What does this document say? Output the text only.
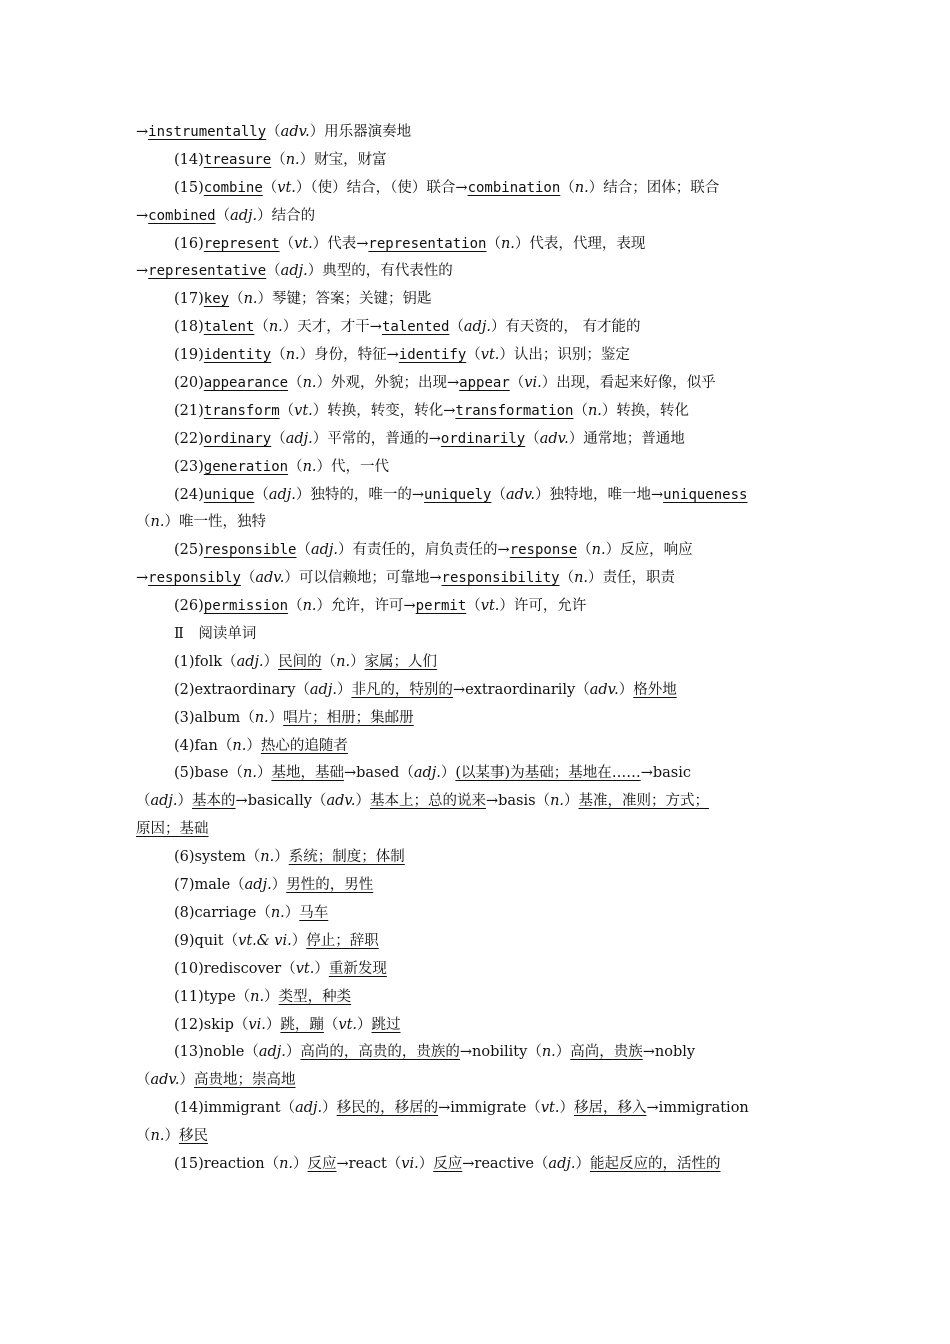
→instrumentally（adv.）用乐器演奏地
(14)treasure（n.）财宝，财富
(15)combine（vt.）（使）结合，（使）联合→combination（n.）结合；团体；联合
→combined（adj.）结合的
(16)represent（vt.）代表→representation（n.）代表，代理，表现
→representative（adj.）典型的，有代表性的
(17)key（n.）琴键；答案；关键；钥匙
(18)talent（n.）天才，才干→talented（adj.）有天资的， 有才能的
(19)identity（n.）身份，特征→identify（vt.）认出；识别；鉴定
(20)appearance（n.）外观，外貌；出现→appear（vi.）出现，看起来好像，似乎
(21)transform（vt.）转换，转变，转化→transformation（n.）转换，转化
(22)ordinary（adj.）平常的，普通的→ordinarily（adv.）通常地；普通地
(23)generation（n.）代，一代
(24)unique（adj.）独特的，唯一的→uniquely（adv.）独特地，唯一地→uniqueness
（n.）唯一性，独特
(25)responsible（adj.）有责任的，肩负责任的→response（n.）反应，响应
→responsibly（adv.）可以信赖地；可靠地→responsibility（n.）责任，职责
(26)permission（n.）允许，许可→permit（vt.）许可，允许
Ⅱ　阅读单词
(1)folk（adj.）民间的（n.）家属；人们
(2)extraordinary（adj.）非凡的，特别的→extraordinarily（adv.）格外地
(3)album（n.）唱片；相册；集邮册
(4)fan（n.）热心的追随者
(5)base（n.）基地，基础→based（adj.）(以某事)为基础；基地在……→basic
（adj.）基本的→basically（adv.）基本上；总的说来→basis（n.）基准，准则；方式；
原因；基础
(6)system（n.）系统；制度；体制
(7)male（adj.）男性的，男性
(8)carriage（n.）马车
(9)quit（vt.& vi.）停止；辞职
(10)rediscover（vt.）重新发现
(11)type（n.）类型，种类
(12)skip（vi.）跳，蹦（vt.）跳过
(13)noble（adj.）高尚的，高贵的，贵族的→nobility（n.）高尚，贵族→nobly
（adv.）高贵地；崇高地
(14)immigrant（adj.）移民的，移居的→immigrate（vt.）移居，移入→immigration
（n.）移民
(15)reaction（n.）反应→react（vi.）反应→reactive（adj.）能起反应的，活性的
